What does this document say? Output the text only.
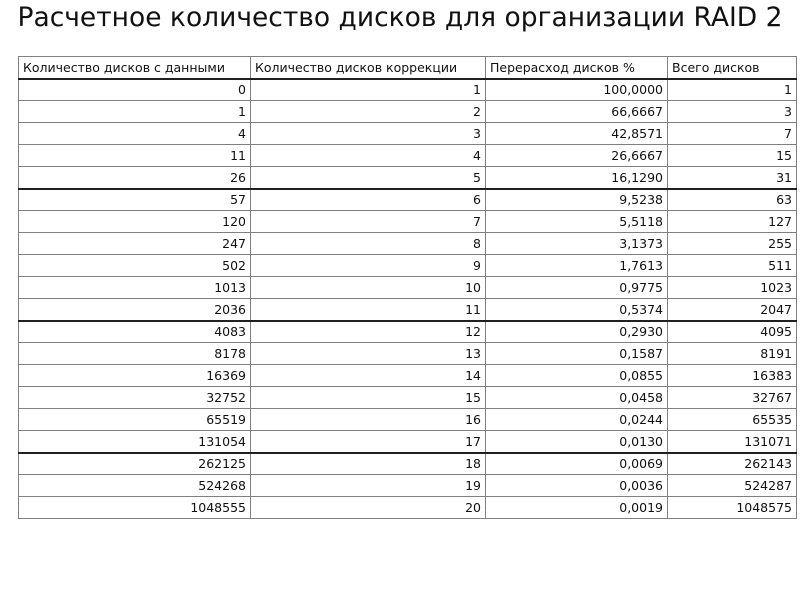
Расчетное количество дисков для организации RAID 2
Количество дисков с данными	Количество дисков коррекции	Перерасход дисков %	Всего дисков
0	1	100,0000	1
1	2	66,6667	3
4	3	42,8571	7
11	4	26,6667	15
26	5	16,1290	31
57	6	9,5238	63
120	7	5,5118	127
247	8	3,1373	255
502	9	1,7613	511
1013	10	0,9775	1023
2036	11	0,5374	2047
4083	12	0,2930	4095
8178	13	0,1587	8191
16369	14	0,0855	16383
32752	15	0,0458	32767
65519	16	0,0244	65535
131054	17	0,0130	131071
262125	18	0,0069	262143
524268	19	0,0036	524287
1048555	20	0,0019	1048575
